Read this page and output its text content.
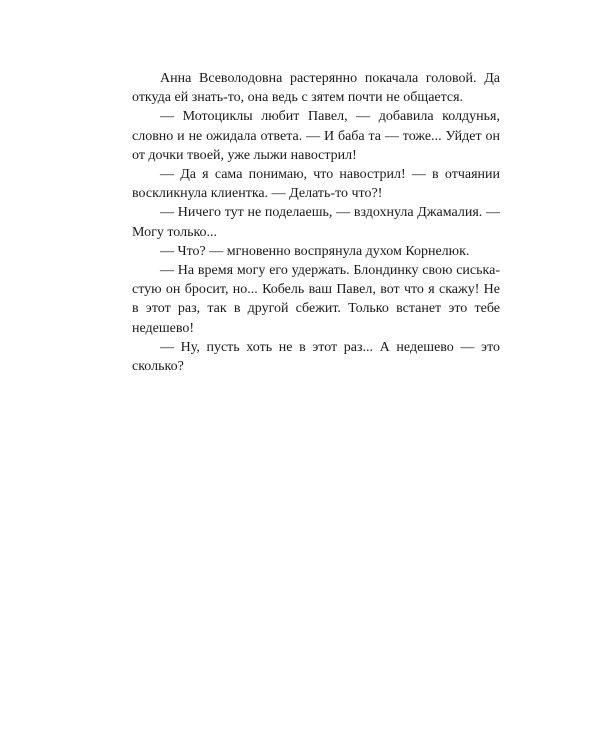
Анна Всеволодовна растерянно покачала головой. Да откуда ей знать-то, она ведь с зятем почти не общается.

— Мотоциклы любит Павел, — добавила колдунья, словно и не ожидала ответа. — И баба та — тоже... Уйдет он от дочки твоей, уже лыжи навострил!

— Да я сама понимаю, что навострил! — в отчаянии воскликнула клиентка. — Делать-то что?!

— Ничего тут не поделаешь, — вздохнула Джамалия. — Могу только...

— Что? — мгновенно воспрянула духом Корнелюк.

— На время могу его удержать. Блондинку свою сиськастую он бросит, но... Кобель ваш Павел, вот что я скажу! Не в этот раз, так в другой сбежит. Только встанет это тебе недешево!

— Ну, пусть хоть не в этот раз... А недешево — это сколько?
